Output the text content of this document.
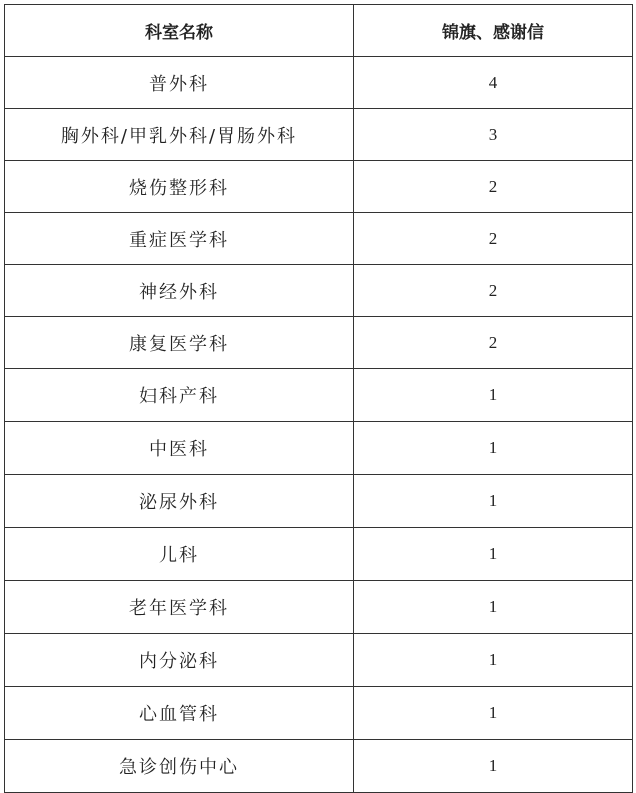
科室名称	锦旗、感谢信
普外科	4
胸外科/甲乳外科/胃肠外科	3
烧伤整形科	2
重症医学科	2
神经外科	2
康复医学科	2
妇科产科	1
中医科	1
泌尿外科	1
儿科	1
老年医学科	1
内分泌科	1
心血管科	1
急诊创伤中心	1
